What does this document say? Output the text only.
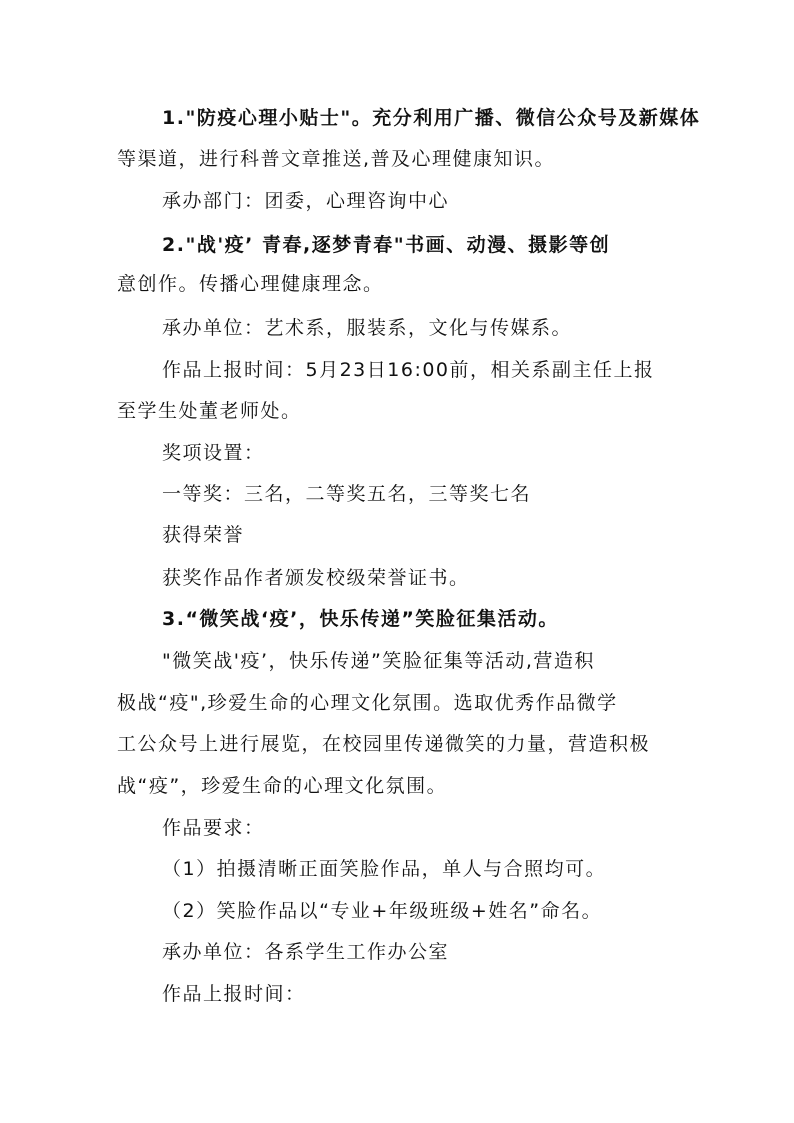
1."防疫心理小贴士"。充分利用广播、微信公众号及新媒体
等渠道，进行科普文章推送,普及心理健康知识。
承办部门：团委，心理咨询中心
2."战'疫’ 青春,逐梦青春"书画、动漫、摄影等创
意创作。传播心理健康理念。
承办单位：艺术系，服装系，文化与传媒系。
作品上报时间：5月23日16:00前，相关系副主任上报
至学生处董老师处。
奖项设置：
一等奖：三名，二等奖五名，三等奖七名
获得荣誉
获奖作品作者颁发校级荣誉证书。
3.“微笑战‘疫’，快乐传递”笑脸征集活动。
"微笑战'疫’，快乐传递”笑脸征集等活动,营造积
极战“疫",珍爱生命的心理文化氛围。选取优秀作品微学
工公众号上进行展览，在校园里传递微笑的力量，营造积极
战“疫”，珍爱生命的心理文化氛围。
作品要求：
（1）拍摄清晰正面笑脸作品，单人与合照均可。
（2）笑脸作品以“专业+年级班级+姓名”命名。
承办单位：各系学生工作办公室
作品上报时间：
